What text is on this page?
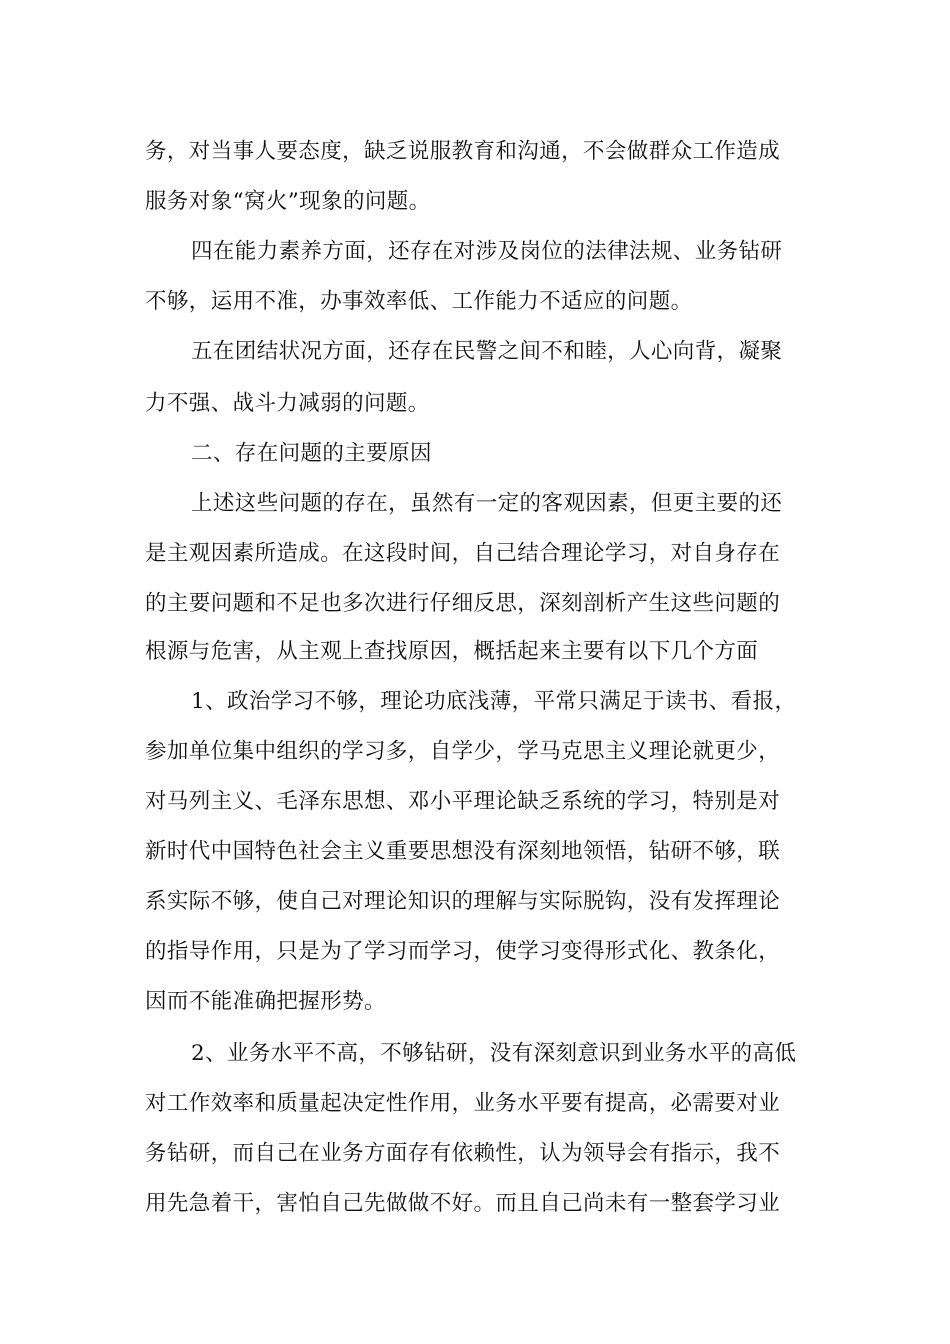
务，对当事人要态度，缺乏说服教育和沟通，不会做群众工作造成
服务对象“窝火”现象的问题。
四在能力素养方面，还存在对涉及岗位的法律法规、业务钻研
不够，运用不准，办事效率低、工作能力不适应的问题。
五在团结状况方面，还存在民警之间不和睦，人心向背，凝聚
力不强、战斗力减弱的问题。
二、存在问题的主要原因
上述这些问题的存在，虽然有一定的客观因素，但更主要的还
是主观因素所造成。在这段时间，自己结合理论学习，对自身存在
的主要问题和不足也多次进行仔细反思，深刻剖析产生这些问题的
根源与危害，从主观上查找原因，概括起来主要有以下几个方面
1、政治学习不够，理论功底浅薄，平常只满足于读书、看报，
参加单位集中组织的学习多，自学少，学马克思主义理论就更少，
对马列主义、毛泽东思想、邓小平理论缺乏系统的学习，特别是对
新时代中国特色社会主义重要思想没有深刻地领悟，钻研不够，联
系实际不够，使自己对理论知识的理解与实际脱钩，没有发挥理论
的指导作用，只是为了学习而学习，使学习变得形式化、教条化，
因而不能准确把握形势。
2、业务水平不高，不够钻研，没有深刻意识到业务水平的高低
对工作效率和质量起决定性作用，业务水平要有提高，必需要对业
务钻研，而自己在业务方面存有依赖性，认为领导会有指示，我不
用先急着干，害怕自己先做做不好。而且自己尚未有一整套学习业
